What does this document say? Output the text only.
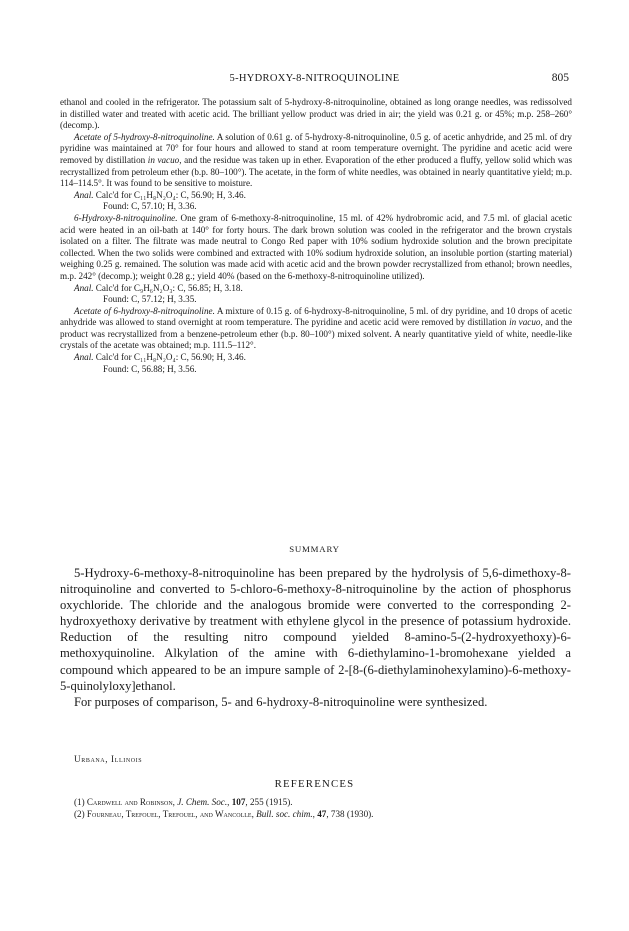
5-HYDROXY-8-NITROQUINOLINE	805

ethanol and cooled in the refrigerator. The potassium salt of 5-hydroxy-8-nitroquinoline, obtained as long orange needles, was redissolved in distilled water and treated with acetic acid. The brilliant yellow product was dried in air; the yield was 0.21 g. or 45%; m.p. 258–260° (decomp.).

Acetate of 5-hydroxy-8-nitroquinoline. A solution of 0.61 g. of 5-hydroxy-8-nitroquinoline, 0.5 g. of acetic anhydride, and 25 ml. of dry pyridine was maintained at 70° for four hours and allowed to stand at room temperature overnight. The pyridine and acetic acid were removed by distillation in vacuo, and the residue was taken up in ether. Evaporation of the ether produced a fluffy, yellow solid which was recrystallized from petroleum ether (b.p. 80–100°). The acetate, in the form of white needles, was obtained in nearly quantitative yield; m.p. 114–114.5°. It was found to be sensitive to moisture.

Anal. Calc'd for C₁₁H₈N₂O₄: C, 56.90; H, 3.46.

Found: C, 57.10; H, 3.36.

6-Hydroxy-8-nitroquinoline. One gram of 6-methoxy-8-nitroquinoline, 15 ml. of 42% hydrobromic acid, and 7.5 ml. of glacial acetic acid were heated in an oil-bath at 140° for forty hours. The dark brown solution was cooled in the refrigerator and the brown crystals isolated on a filter. The filtrate was made neutral to Congo Red paper with 10% sodium hydroxide solution and the brown precipitate collected. When the two solids were combined and extracted with 10% sodium hydroxide solution, an insoluble portion (starting material) weighing 0.25 g. remained. The solution was made acid with acetic acid and the brown powder recrystallized from ethanol; brown needles, m.p. 242° (decomp.); weight 0.28 g.; yield 40% (based on the 6-methoxy-8-nitroquinoline utilized).

Anal. Calc'd for C₉H₆N₂O₃: C, 56.85; H, 3.18.

Found: C, 57.12; H, 3.35.

Acetate of 6-hydroxy-8-nitroquinoline. A mixture of 0.15 g. of 6-hydroxy-8-nitroquinoline, 5 ml. of dry pyridine, and 10 drops of acetic anhydride was allowed to stand overnight at room temperature. The pyridine and acetic acid were removed by distillation in vacuo, and the product was recrystallized from a benzene-petroleum ether (b.p. 80–100°) mixed solvent. A nearly quantitative yield of white, needle-like crystals of the acetate was obtained; m.p. 111.5–112°.

Anal. Calc'd for C₁₁H₈N₂O₄: C, 56.90; H, 3.46.

Found: C, 56.88; H, 3.56.

SUMMARY

5-Hydroxy-6-methoxy-8-nitroquinoline has been prepared by the hydrolysis of 5,6-dimethoxy-8-nitroquinoline and converted to 5-chloro-6-methoxy-8-nitroquinoline by the action of phosphorus oxychloride. The chloride and the analogous bromide were converted to the corresponding 2-hydroxyethoxy derivative by treatment with ethylene glycol in the presence of potassium hydroxide. Reduction of the resulting nitro compound yielded 8-amino-5-(2-hydroxyethoxy)-6-methoxyquinoline. Alkylation of the amine with 6-diethylamino-1-bromohexane yielded a compound which appeared to be an impure sample of 2-[8-(6-diethylaminohexylamino)-6-methoxy-5-quinolyloxy]ethanol.

For purposes of comparison, 5- and 6-hydroxy-8-nitroquinoline were synthesized.

Urbana, Illinois
REFERENCES
(1) Cardwell and Robinson, J. Chem. Soc., 107, 255 (1915).
(2) Fourneau, Trefouel, Trefouel, and Wancolle, Bull. soc. chim., 47, 738 (1930).
